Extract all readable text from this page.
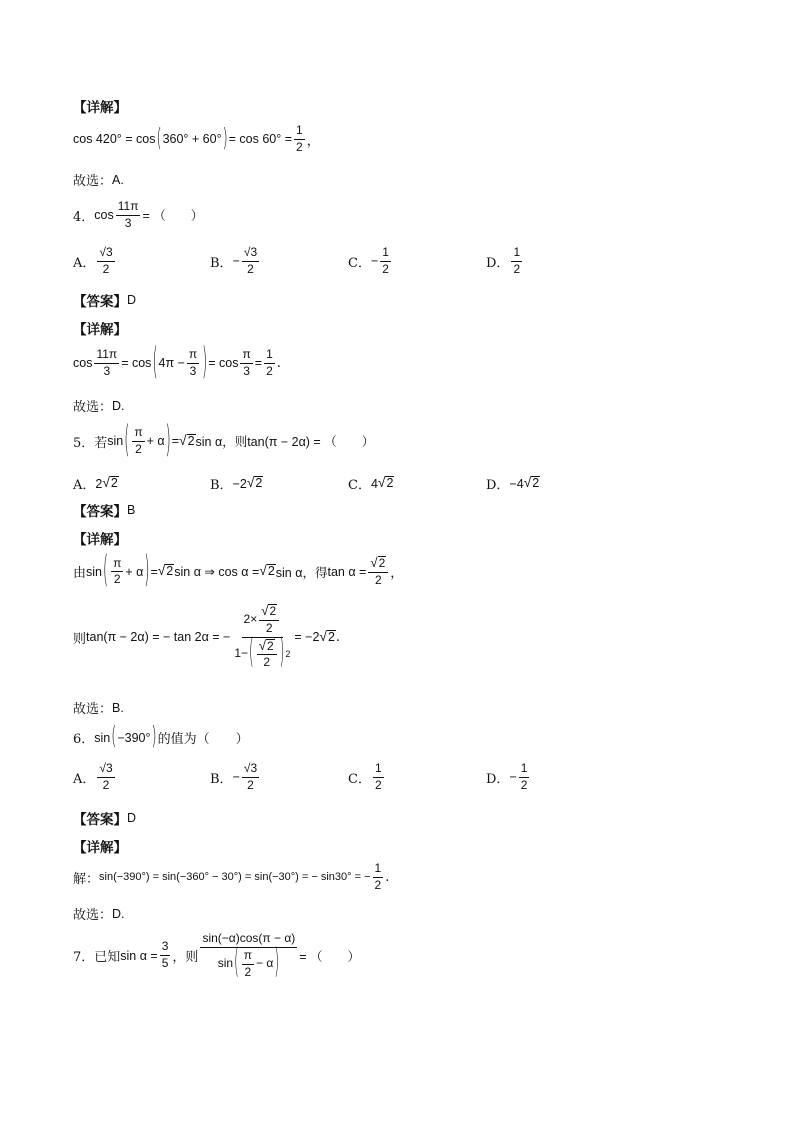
【详解】
cos 420° = cos ( 360° + 60° ) = $\cos 60^\circ = \frac{1}{2}$ ，
故选： A.
4． $\cos \frac{11\pi}{3}$ = （　　）
A． $\frac{√3}{2}$	B． − $\frac{√3}{2}$	C． − $\frac{1}{2}$	D． $\frac{1}{2}$
【答案】 D
【详解】
$\cos \frac{11\pi}{3} = \cos$ ( $4\pi - \frac{\pi}{3}$ ) = $\cos \frac{\pi}{3} = \frac{1}{2}$ .
故选： D.
5．若 sin ( $\frac{\pi}{2} + \alpha$ ) = √ 2 sin α，则 tan(π − 2α) = （　　）
A． 2 √ 2	B． −2 √ 2	C． 4 √ 2	D． −4 √ 2
【答案】 B
【详解】
由 sin ( $\frac{\pi}{2} + \alpha$ ) = √ 2 sin α ⇒ cos α = √ 2 sin α，得 $\tan \alpha = \frac{√ 2}{2}$ ，
则 tan(π − 2α) = − tan 2α = − $\frac{2\times \frac{√ 2}{2}}{1- ( \frac{√ 2}{2} ) 2} = -2$ √ 2 .
故选： B.
6． sin ( −390° ) 的值为（　　）
A． $\frac{√3}{2}$	B． − $\frac{√3}{2}$	C． $\frac{1}{2}$	D． − $\frac{1}{2}$
【答案】 D
【详解】
解： sin(−390°) = sin(−360° − 30°) = sin(−30°) = − sin30° = − $\frac{1}{2}$ .
故选： D.
7．已知 $\sin \alpha = \frac{3}{5}$ ，则 $\frac{\sin(-\alpha)\cos(\pi - \alpha)}{\sin ( \frac{\pi}{2} - \alpha )}$ = （　　）
